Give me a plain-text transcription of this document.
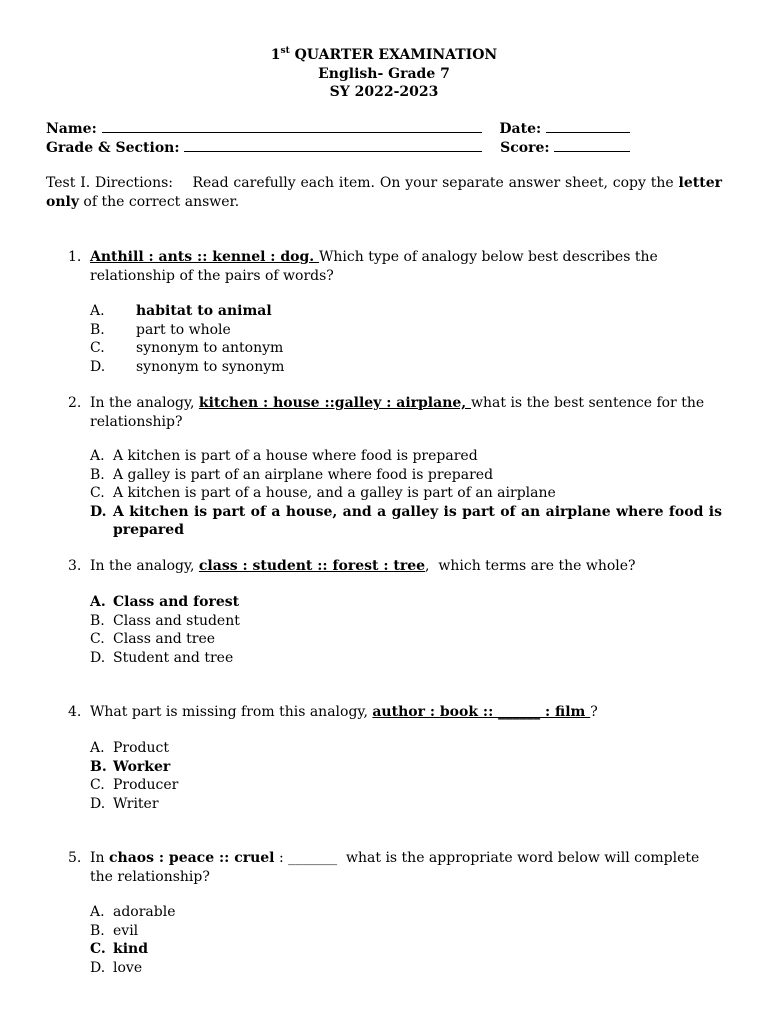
1st QUARTER EXAMINATION
English- Grade 7
SY 2022-2023
Name:	Date:
Grade & Section:	Score:
Test I. Directions:    Read carefully each item. On your separate answer sheet, copy the letter only of the correct answer.
1. Anthill : ants :: kennel : dog. Which type of analogy below best describes the relationship of the pairs of words?
A. habitat to animal
B. part to whole
C. synonym to antonym
D. synonym to synonym
2. In the analogy, kitchen : house ::galley : airplane, what is the best sentence for the relationship?
A. A kitchen is part of a house where food is prepared
B. A galley is part of an airplane where food is prepared
C. A kitchen is part of a house, and a galley is part of an airplane
D. A kitchen is part of a house, and a galley is part of an airplane where food is prepared
3. In the analogy, class : student :: forest : tree,  which terms are the whole?
A. Class and forest
B. Class and student
C. Class and tree
D. Student and tree
4. What part is missing from this analogy, author : book :: ______ : film ?
A. Product
B. Worker
C. Producer
D. Writer
5. In chaos : peace :: cruel : _______  what is the appropriate word below will complete the relationship?
A. adorable
B. evil
C. kind
D. love
